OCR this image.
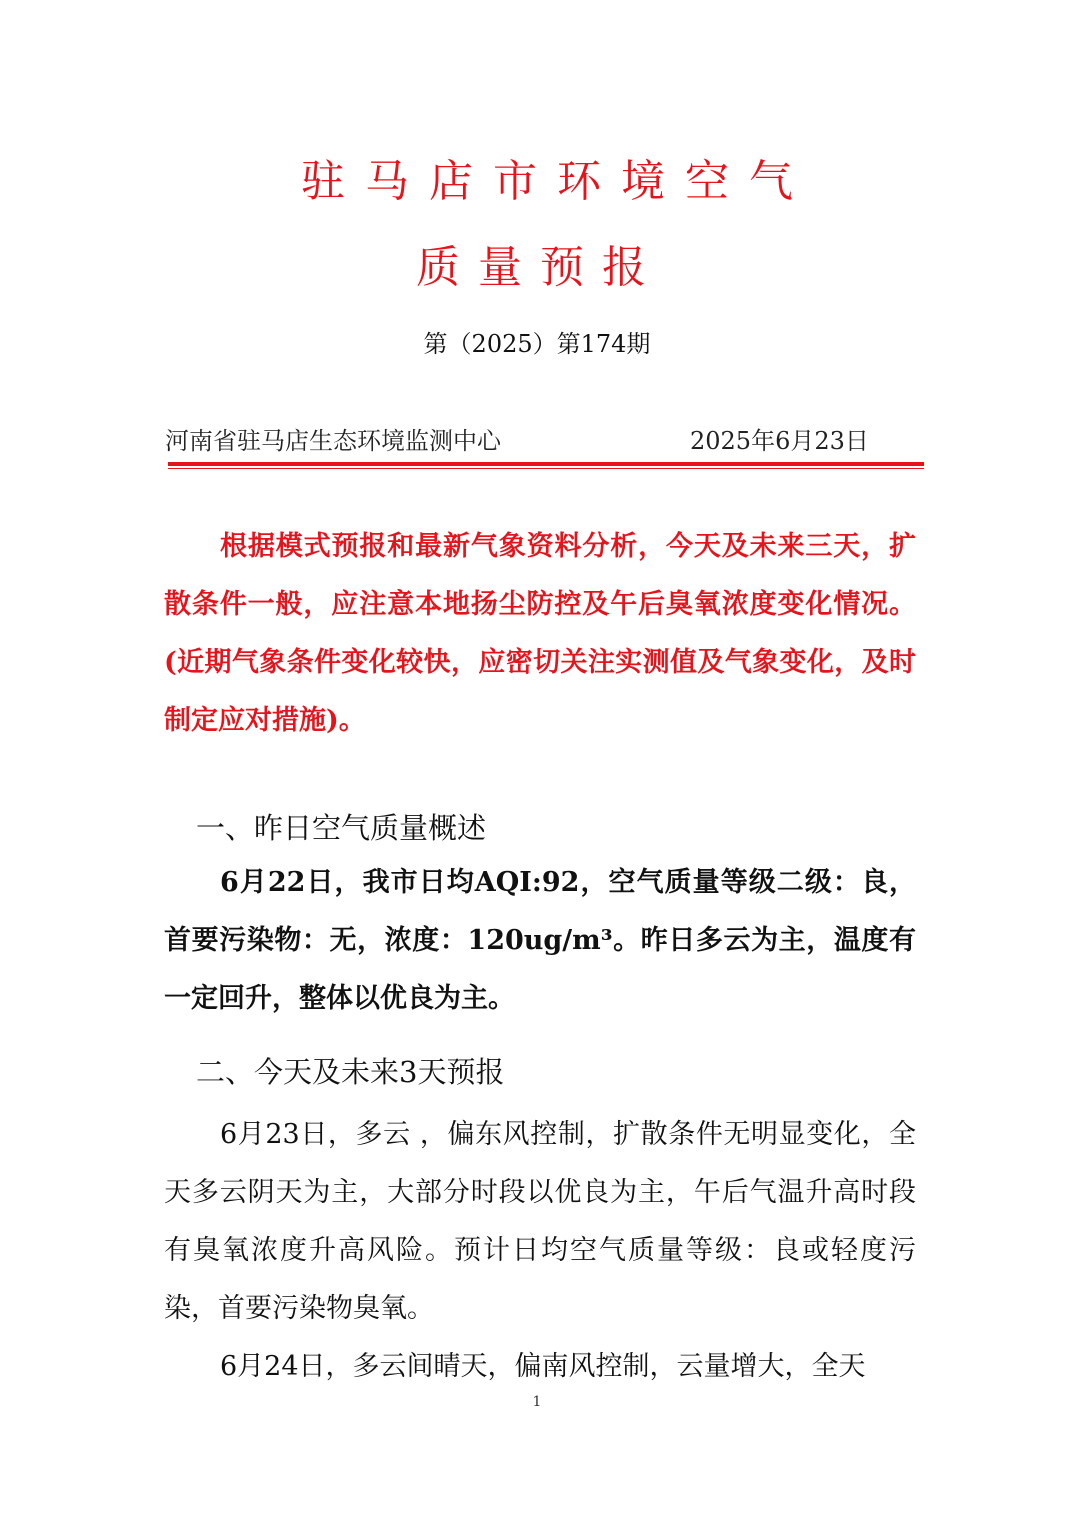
驻马店市环境空气
质量预报
第（2025）第174期
河南省驻马店生态环境监测中心	2025年6月23日
根据模式预报和最新气象资料分析，今天及未来三天，扩散条件一般，应注意本地扬尘防控及午后臭氧浓度变化情况。(近期气象条件变化较快，应密切关注实测值及气象变化，及时制定应对措施)。
一、昨日空气质量概述
6月22日，我市日均AQI:92，空气质量等级二级：良，首要污染物：无，浓度：120ug/m³。昨日多云为主，温度有一定回升，整体以优良为主。
二、今天及未来3天预报
6月23日，多云 ，偏东风控制，扩散条件无明显变化，全天多云阴天为主，大部分时段以优良为主，午后气温升高时段有臭氧浓度升高风险。预计日均空气质量等级：良或轻度污染，首要污染物臭氧。
6月24日，多云间晴天，偏南风控制，云量增大，全天
1
